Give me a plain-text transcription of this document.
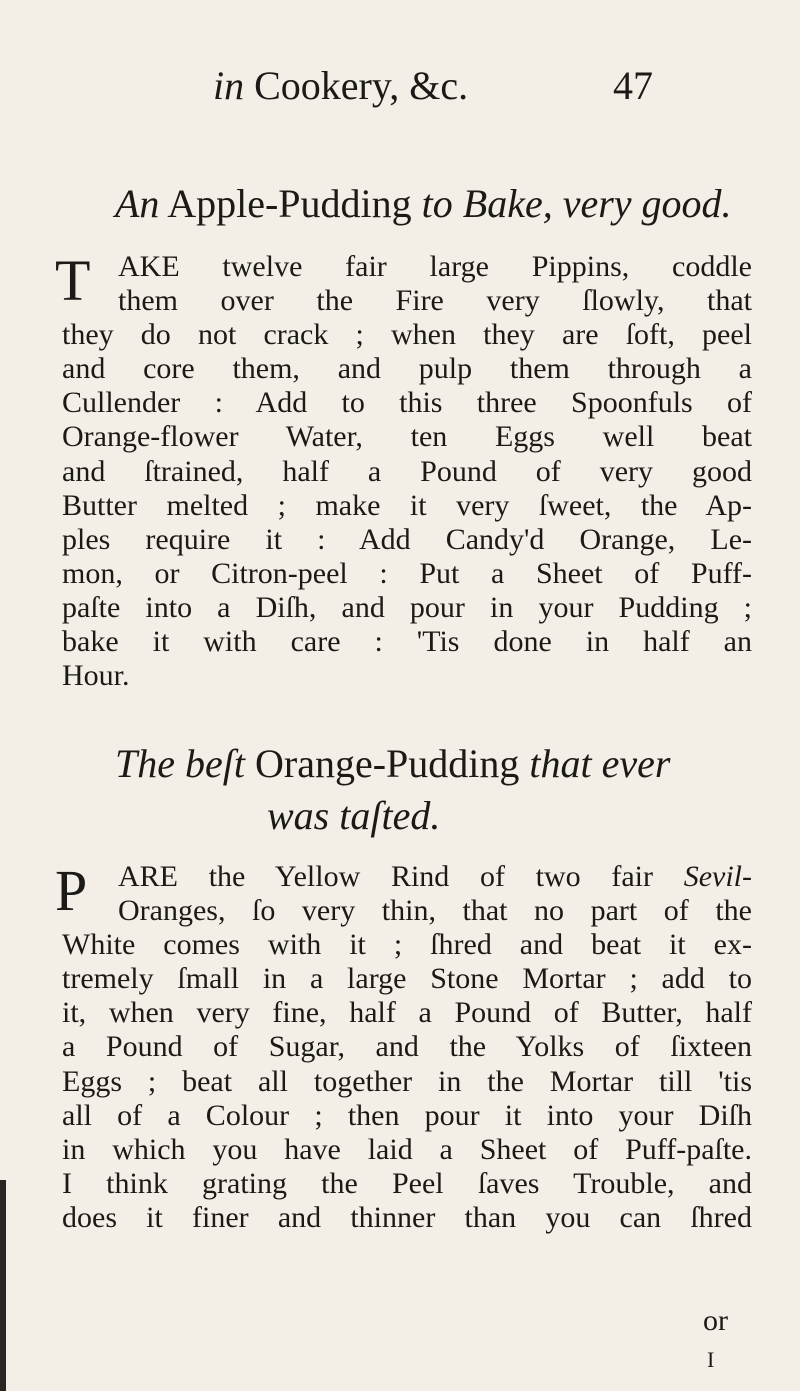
in Cookery, &c.	47
An Apple-Pudding to Bake, very good.
T AKE twelve fair large Pippins, coddle
them over the Fire very ſlowly, that
they do not crack ; when they are ſoft, peel
and core them, and pulp them through a
Cullender : Add to this three Spoonfuls of
Orange-flower Water, ten Eggs well beat
and ſtrained, half a Pound of very good
Butter melted ; make it very ſweet, the Ap-
ples require it : Add Candy'd Orange, Le-
mon, or Citron-peel : Put a Sheet of Puff-
paſte into a Diſh, and pour in your Pudding ;
bake it with care : 'Tis done in half an
Hour.
The beſt Orange-Pudding that ever
was taſted.
P	ARE the Yellow Rind of two fair Sevil-
Oranges, ſo very thin, that no part of the
White comes with it ; ſhred and beat it ex-
tremely ſmall in a large Stone Mortar ; add to
it, when very fine, half a Pound of Butter, half
a Pound of Sugar, and the Yolks of ſixteen
Eggs ; beat all together in the Mortar till 'tis
all of a Colour ; then pour it into your Diſh
in which you have laid a Sheet of Puff-paſte.
I think grating the Peel ſaves Trouble, and
does it finer and thinner than you can ſhred
or
I
